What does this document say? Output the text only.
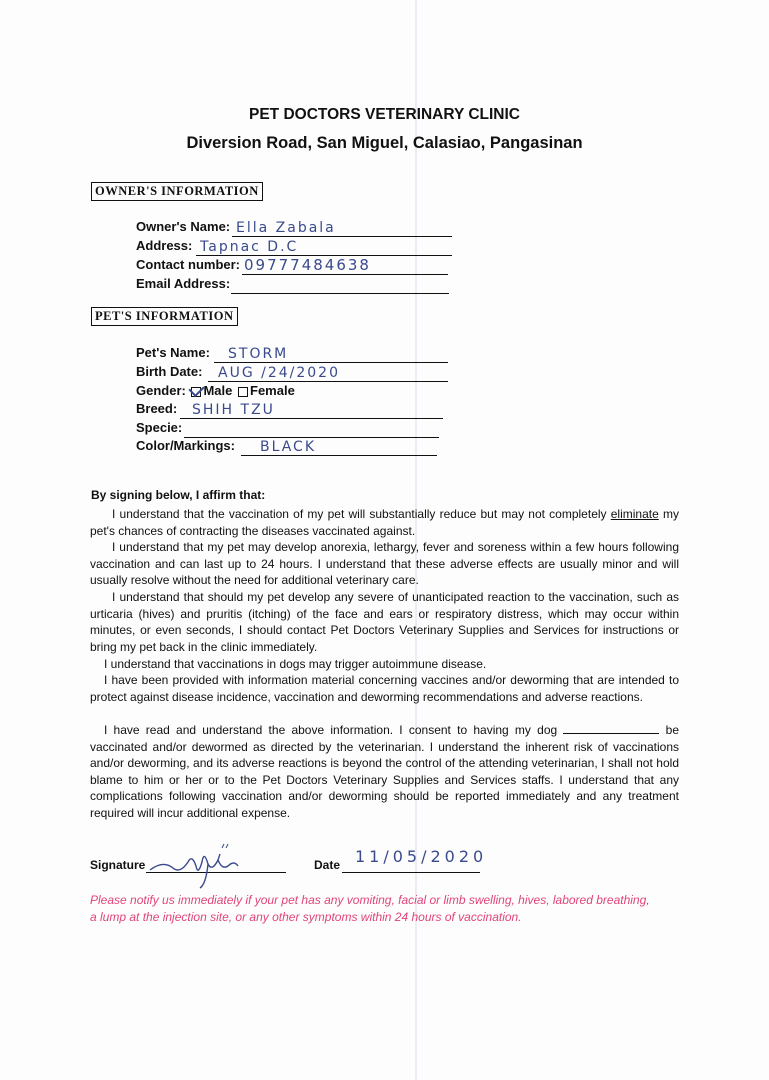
PET DOCTORS VETERINARY CLINIC
Diversion Road, San Miguel, Calasiao, Pangasinan
OWNER'S INFORMATION
Owner's Name: Ella Zabala
Address: Tapnac D.C
Contact number: 09777484638
Email Address:
PET'S INFORMATION
Pet's Name: STORM
Birth Date: AUG /24/2020
Gender: Male Female
Breed: SHIH TZU
Specie:
Color/Markings: BLACK
By signing below, I affirm that:
I understand that the vaccination of my pet will substantially reduce but may not completely eliminate my pet's chances of contracting the diseases vaccinated against.
I understand that my pet may develop anorexia, lethargy, fever and soreness within a few hours following vaccination and can last up to 24 hours. I understand that these adverse effects are usually minor and will usually resolve without the need for additional veterinary care.
I understand that should my pet develop any severe of unanticipated reaction to the vaccination, such as urticaria (hives) and pruritis (itching) of the face and ears or respiratory distress, which may occur within minutes, or even seconds, I should contact Pet Doctors Veterinary Supplies and Services for instructions or bring my pet back in the clinic immediately.
I understand that vaccinations in dogs may trigger autoimmune disease.
I have been provided with information material concerning vaccines and/or deworming that are intended to protect against disease incidence, vaccination and deworming recommendations and adverse reactions.
I have read and understand the above information. I consent to having my dog	be vaccinated and/or dewormed as directed by the veterinarian. I understand the inherent risk of vaccinations and/or deworming, and its adverse reactions is beyond the control of the attending veterinarian, I shall not hold blame to him or her or to the Pet Doctors Veterinary Supplies and Services staffs. I understand that any complications following vaccination and/or deworming should be reported immediately and any treatment required will incur additional expense.
Signature	Date 11/05/2020
Please notify us immediately if your pet has any vomiting, facial or limb swelling, hives, labored breathing, a lump at the injection site, or any other symptoms within 24 hours of vaccination.
